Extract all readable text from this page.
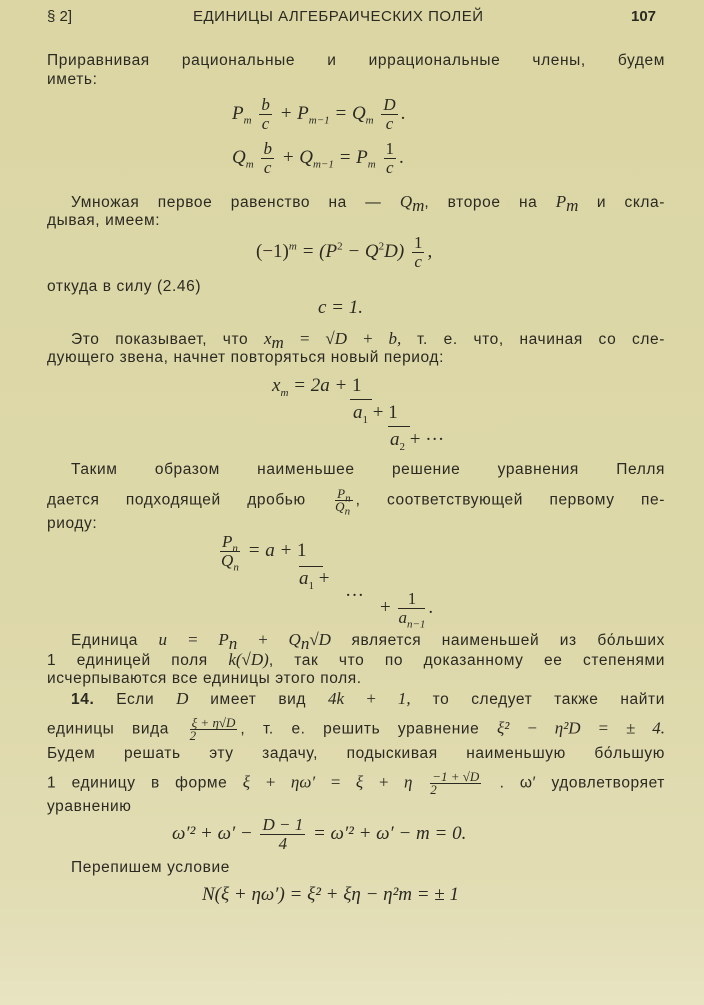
§ 2]	ЕДИНИЦЫ АЛГЕБРАИЧЕСКИХ ПОЛЕЙ	107
Приравнивая рациональные и иррациональные члены, будем
иметь:
$P_m \frac{b}{c} + P_{m-1} = Q_m \frac{D}{c}$ .
$Q_m \frac{b}{c} + Q_{m-1} = P_m \frac{1}{c}$ .
Умножая первое равенство на — $Q_m$, второе на $P_m$ и скла-
дывая, имеем:
$(-1)^m = (P^2 - Q^2D) \frac{1}{c}$ ,
откуда в силу (2.46)
c = 1.
Это показывает, что $x_m = √D + b$, т. е. что, начиная со сле-
дующего звена, начнет повторяться новый период:
$x_m = 2a + 1$
$a_1 + 1$
$a_2$ + ···
Таким образом наименьшее решение уравнения Пелля
дается подходящей дробью $\frac{P_n}{Q_n}$ , соответствующей первому пе-
риоду:
$\frac{P_n}{Q_n} = a + 1$
$a_1$ +
···
+ $\frac{1}{a_{n-1}}$ .
Единица $u = P_n + Q_n√D$ является наименьшей из бо́льших
1 единицей поля k(√D), так что по доказанному ее степенями
исчерпываются все единицы этого поля.
14. Если D имеет вид 4k + 1, то следует также найти
единицы вида $\frac{\xi + \eta√D}{2}$ , т. е. решить уравнение ξ² − η²D = ± 4.
Будем решать эту задачу, подыскивая наименьшую бо́льшую
1 единицу в форме ξ + ηω′ = ξ + η $\frac{-1 + √D}{2}$ . ω′ удовлетворяет
уравнению
$\omega'^2 + \omega' - \frac{D - 1}{4} = \omega'^2 + \omega' - m = 0$.
Перепишем условие
N(ξ + ηω′) = ξ² + ξη − η²m = ± 1
